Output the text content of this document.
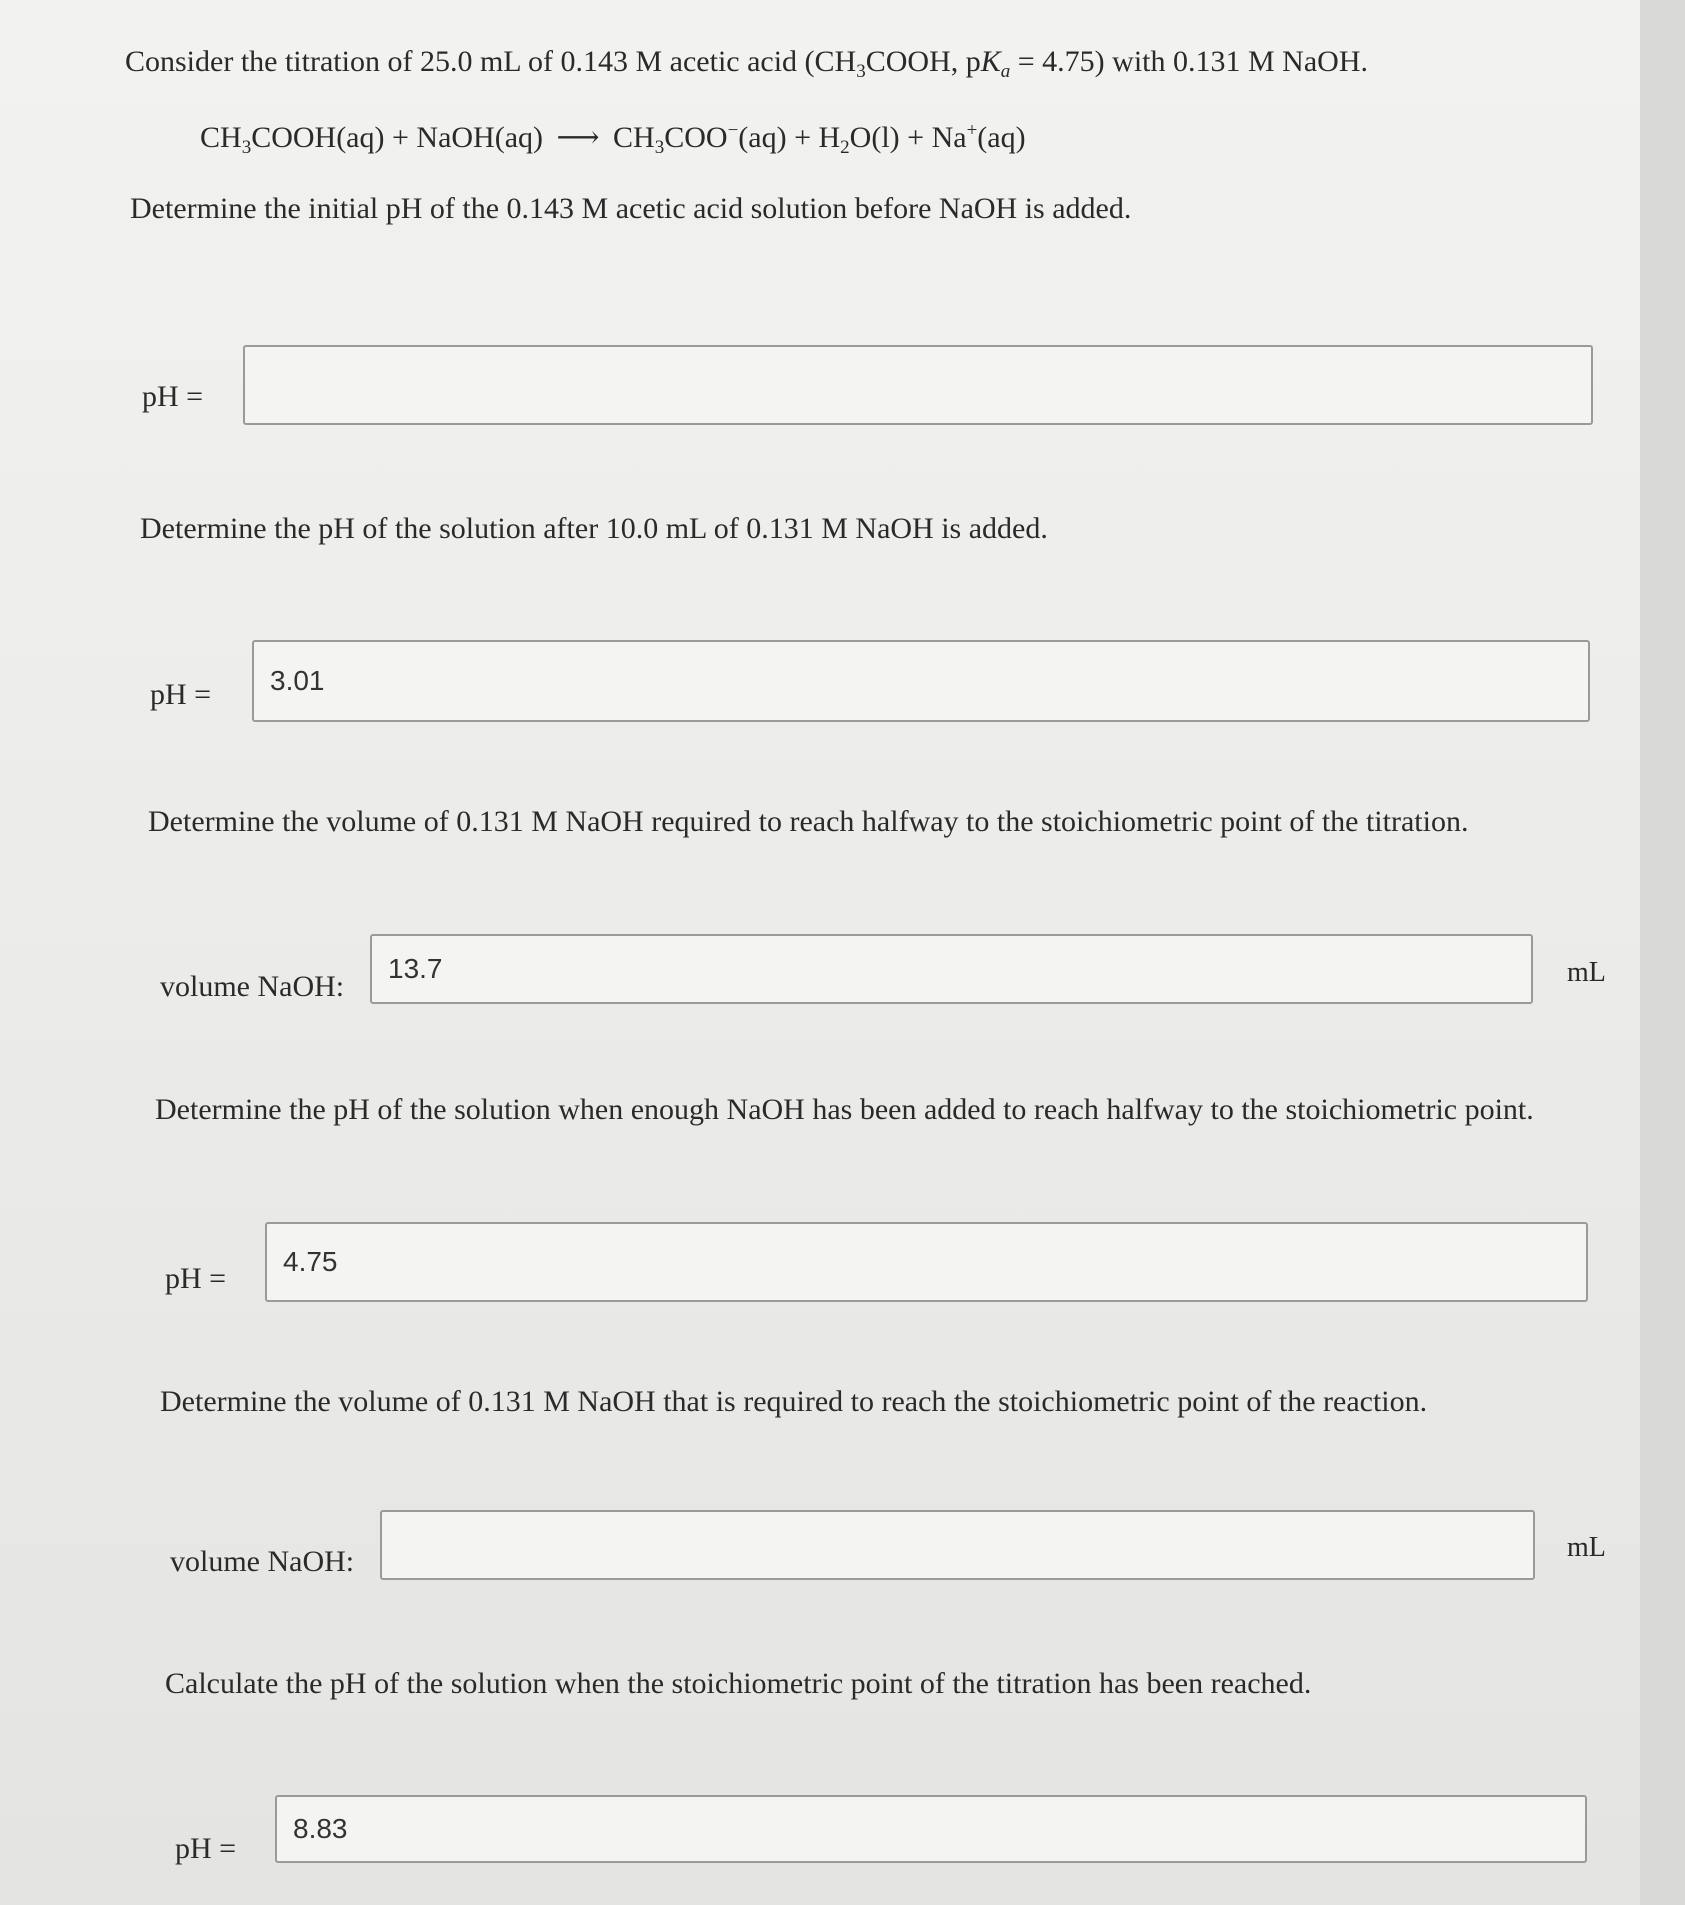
Consider the titration of 25.0 mL of 0.143 M acetic acid ($CH_3COOH$, $pK_a = 4.75$) with 0.131 M NaOH.
$CH_3COOH(aq)$ + NaOH(aq) ⟶ $CH_3COO^-(aq) + H_2O(l) + Na^+(aq)$
Determine the initial pH of the 0.143 M acetic acid solution before NaOH is added.
pH =
Determine the pH of the solution after 10.0 mL of 0.131 M NaOH is added.
pH =	3.01
Determine the volume of 0.131 M NaOH required to reach halfway to the stoichiometric point of the titration.
volume NaOH:
13.7	mL
Determine the pH of the solution when enough NaOH has been added to reach halfway to the stoichiometric point.
pH =
4.75
Determine the volume of 0.131 M NaOH that is required to reach the stoichiometric point of the reaction.
volume NaOH:	mL
Calculate the pH of the solution when the stoichiometric point of the titration has been reached.
pH =
8.83
